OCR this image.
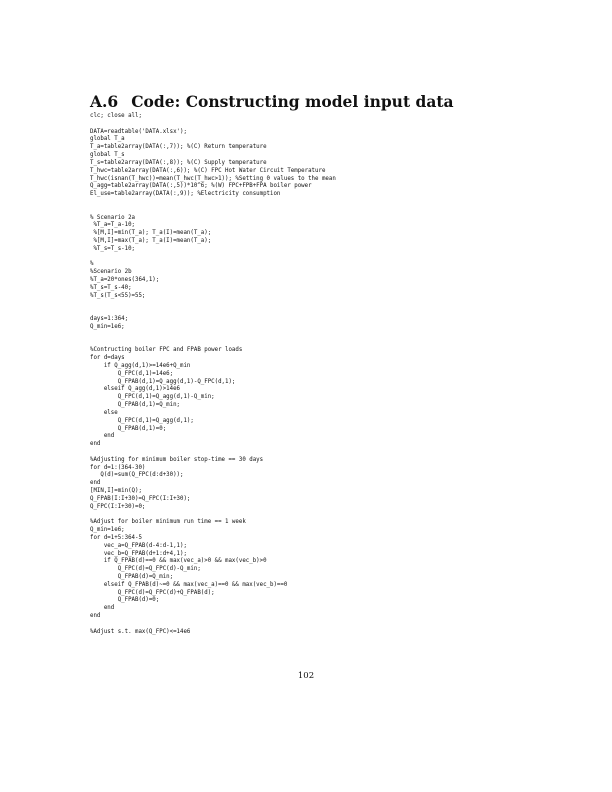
A.6 Code: Constructing model input data
clc; close all;
DATA=readtable('DATA.xlsx');
global T_a
T_a=table2array(DATA(:,7)); %(C) Return temperature
global T_s
T_s=table2array(DATA(:,8)); %(C) Supply temperature
T_hwc=table2array(DATA(:,6)); %(C) FPC Hot Water Circuit Temperature
T_hwc(isnan(T_hwc))=mean(T_hwc(T_hwc>1)); %Setting 0 values to the mean
Q_agg=table2array(DATA(:,5))*10^6; %(W) FPC+FPB+FPA boiler power
El_use=table2array(DATA(:,9)); %Electricity consumption
% Scenario 2a
%T_a=T_a-10;
%[M,I]=min(T_a); T_a(I)=mean(T_a);
%[M,I]=max(T_a); T_a(I)=mean(T_a);
%T_s=T_s-10;
%
%Scenario 2b
%T_a=20*ones(364,1);
%T_s=T_s-40;
%T_s(T_s<55)=55;
days=1:364;
Q_min=1e6;
%Contructing boiler FPC and FPAB power loads
for d=days
if Q_agg(d,1)>=14e6+Q_min
Q_FPC(d,1)=14e6;
Q_FPAB(d,1)=Q_agg(d,1)-Q_FPC(d,1);
elseif Q_agg(d,1)>14e6
Q_FPC(d,1)=Q_agg(d,1)-Q_min;
Q_FPAB(d,1)=Q_min;
else
Q_FPC(d,1)=Q_agg(d,1);
Q_FPAB(d,1)=0;
end
end
%Adjusting for minimum boiler stop-time == 30 days
for d=1:(364-30)
Q(d)=sum(Q_FPC(d:d+30));
end
[MIN,I]=min(Q);
Q_FPAB(I:I+30)=Q_FPC(I:I+30);
Q_FPC(I:I+30)=0;
%Adjust for boiler minimum run time == 1 week
Q_min=1e6;
for d=1+5:364-5
vec_a=Q_FPAB(d-4:d-1,1);
vec_b=Q_FPAB(d+1:d+4,1);
if Q_FPAB(d)==0 && max(vec_a)>0 && max(vec_b)>0
Q_FPC(d)=Q_FPC(d)-Q_min;
Q_FPAB(d)=Q_min;
elseif Q_FPAB(d)~=0 && max(vec_a)==0 && max(vec_b)==0
Q_FPC(d)=Q_FPC(d)+Q_FPAB(d);
Q_FPAB(d)=0;
end
end
%Adjust s.t. max(Q_FPC)<=14e6
102
